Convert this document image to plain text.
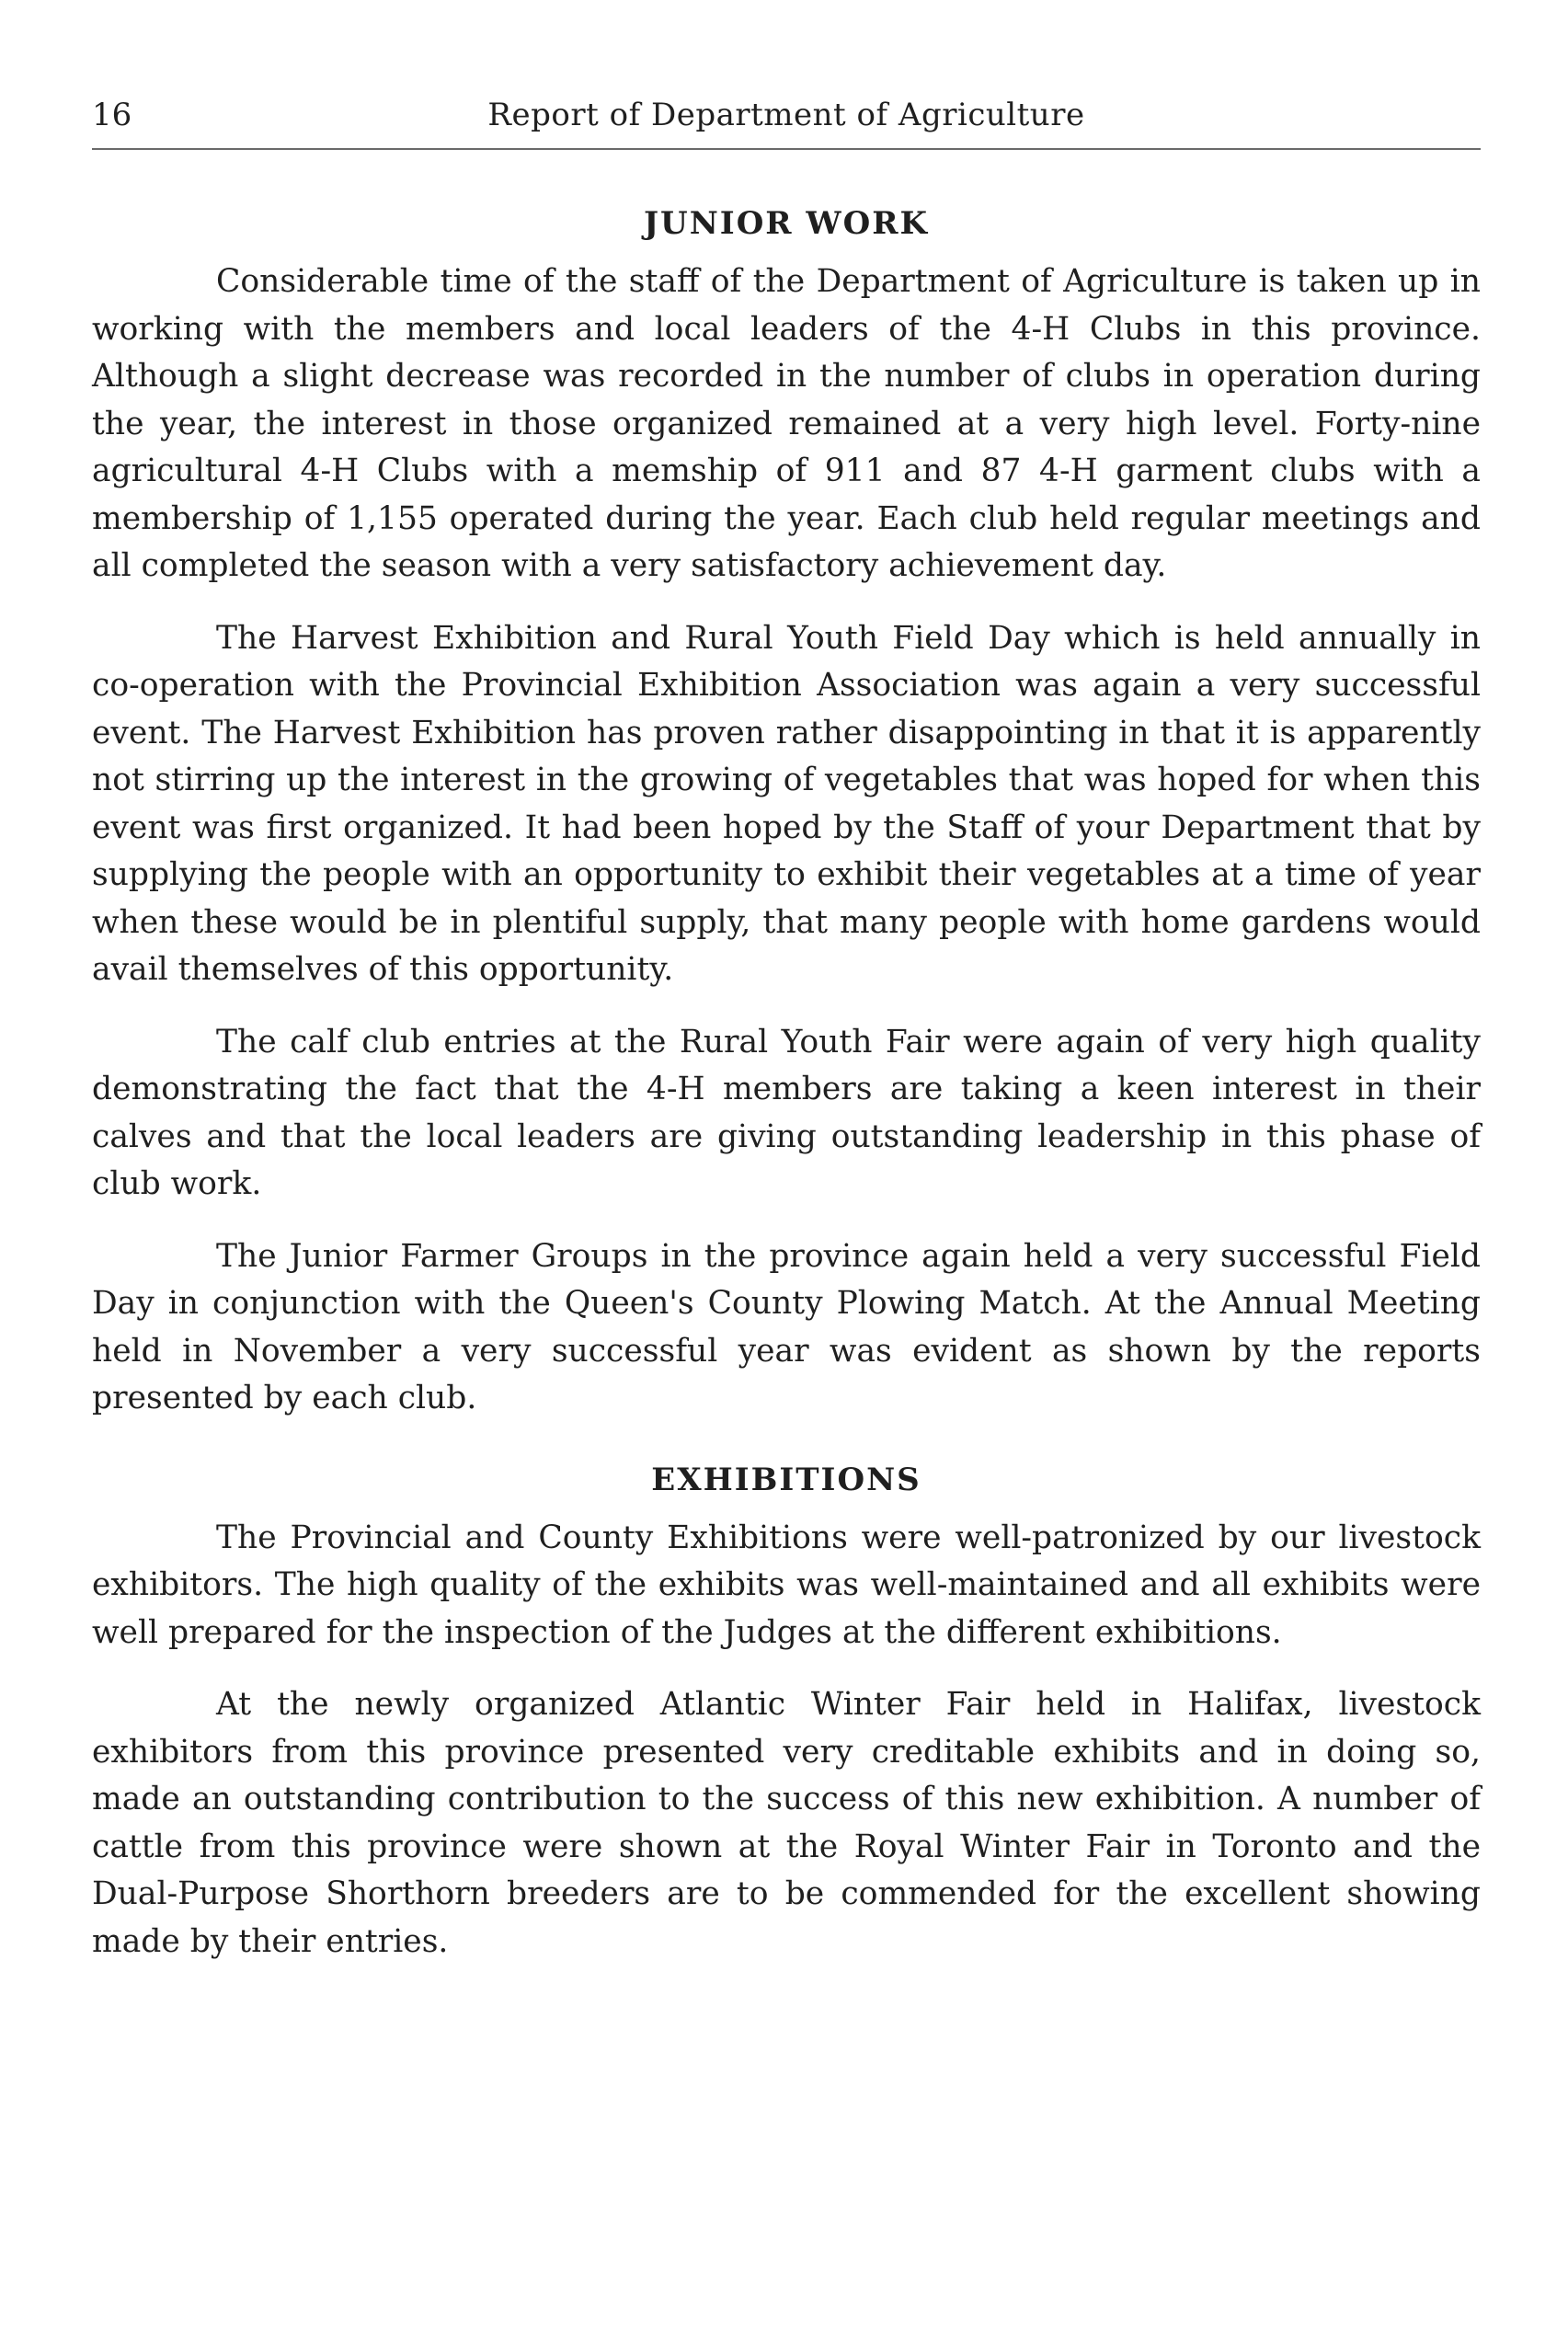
16	Report of Department of Agriculture
JUNIOR WORK

Considerable time of the staff of the Department of Agriculture is taken up in working with the members and local leaders of the 4-H Clubs in this province. Although a slight decrease was recorded in the number of clubs in operation during the year, the interest in those organized remained at a very high level. Forty-nine agricultural 4-H Clubs with a memship of 911 and 87 4-H garment clubs with a membership of 1,155 operated during the year. Each club held regular meetings and all completed the season with a very satisfactory achievement day.

The Harvest Exhibition and Rural Youth Field Day which is held annually in co-operation with the Provincial Exhibition Association was again a very successful event. The Harvest Exhibition has proven rather disappointing in that it is apparently not stirring up the interest in the growing of vegetables that was hoped for when this event was first organized. It had been hoped by the Staff of your Department that by supplying the people with an opportunity to exhibit their vegetables at a time of year when these would be in plentiful supply, that many people with home gardens would avail themselves of this opportunity.

The calf club entries at the Rural Youth Fair were again of very high quality demonstrating the fact that the 4-H members are taking a keen interest in their calves and that the local leaders are giving outstanding leadership in this phase of club work.

The Junior Farmer Groups in the province again held a very successful Field Day in conjunction with the Queen's County Plowing Match. At the Annual Meeting held in November a very successful year was evident as shown by the reports presented by each club.

EXHIBITIONS

The Provincial and County Exhibitions were well-patronized by our livestock exhibitors. The high quality of the exhibits was well-maintained and all exhibits were well prepared for the inspection of the Judges at the different exhibitions.

At the newly organized Atlantic Winter Fair held in Halifax, livestock exhibitors from this province presented very creditable exhibits and in doing so, made an outstanding contribution to the success of this new exhibition. A number of cattle from this province were shown at the Royal Winter Fair in Toronto and the Dual-Purpose Shorthorn breeders are to be commended for the excellent showing made by their entries.
